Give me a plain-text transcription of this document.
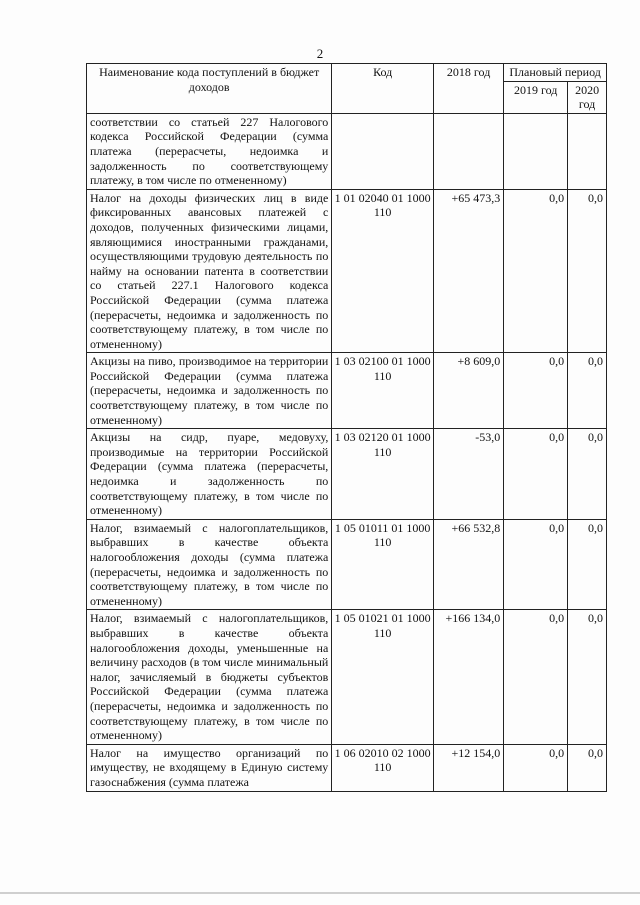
2
Наименование кода поступлений в бюджет доходов	Код	2018 год	Плановый период	
			2019 год	2020 год
соответствии со статьей 227 Налогового кодекса Российской Федерации (сумма платежа (перерасчеты, недоимка и задолженность по соответствующему платежу, в том числе по отмененному)				
Налог на доходы физических лиц в виде фиксированных авансовых платежей с доходов, полученных физическими лицами, являющимися иностранными гражданами, осуществляющими трудовую деятельность по найму на основании патента в соответствии со статьей 227.1 Налогового кодекса Российской Федерации (сумма платежа (перерасчеты, недоимка и задолженность по соответствующему платежу, в том числе по отмененному)	1 01 02040 01 1000 110	+65 473,3	0,0	0,0
Акцизы на пиво, производимое на территории Российской Федерации (сумма платежа (перерасчеты, недоимка и задолженность по соответствующему платежу, в том числе по отмененному)	1 03 02100 01 1000 110	+8 609,0	0,0	0,0
Акцизы на сидр, пуаре, медовуху, производимые на территории Российской Федерации (сумма платежа (перерасчеты, недоимка и задолженность по соответствующему платежу, в том числе по отмененному)	1 03 02120 01 1000 110	-53,0	0,0	0,0
Налог, взимаемый с налогоплательщиков, выбравших в качестве объекта налогообложения доходы (сумма платежа (перерасчеты, недоимка и задолженность по соответствующему платежу, в том числе по отмененному)	1 05 01011 01 1000 110	+66 532,8	0,0	0,0
Налог, взимаемый с налогоплательщиков, выбравших в качестве объекта налогообложения доходы, уменьшенные на величину расходов (в том числе минимальный налог, зачисляемый в бюджеты субъектов Российской Федерации (сумма платежа (перерасчеты, недоимка и задолженность по соответствующему платежу, в том числе по отмененному)	1 05 01021 01 1000 110	+166 134,0	0,0	0,0
Налог на имущество организаций по имуществу, не входящему в Единую систему газоснабжения (сумма платежа	1 06 02010 02 1000 110	+12 154,0	0,0	0,0
